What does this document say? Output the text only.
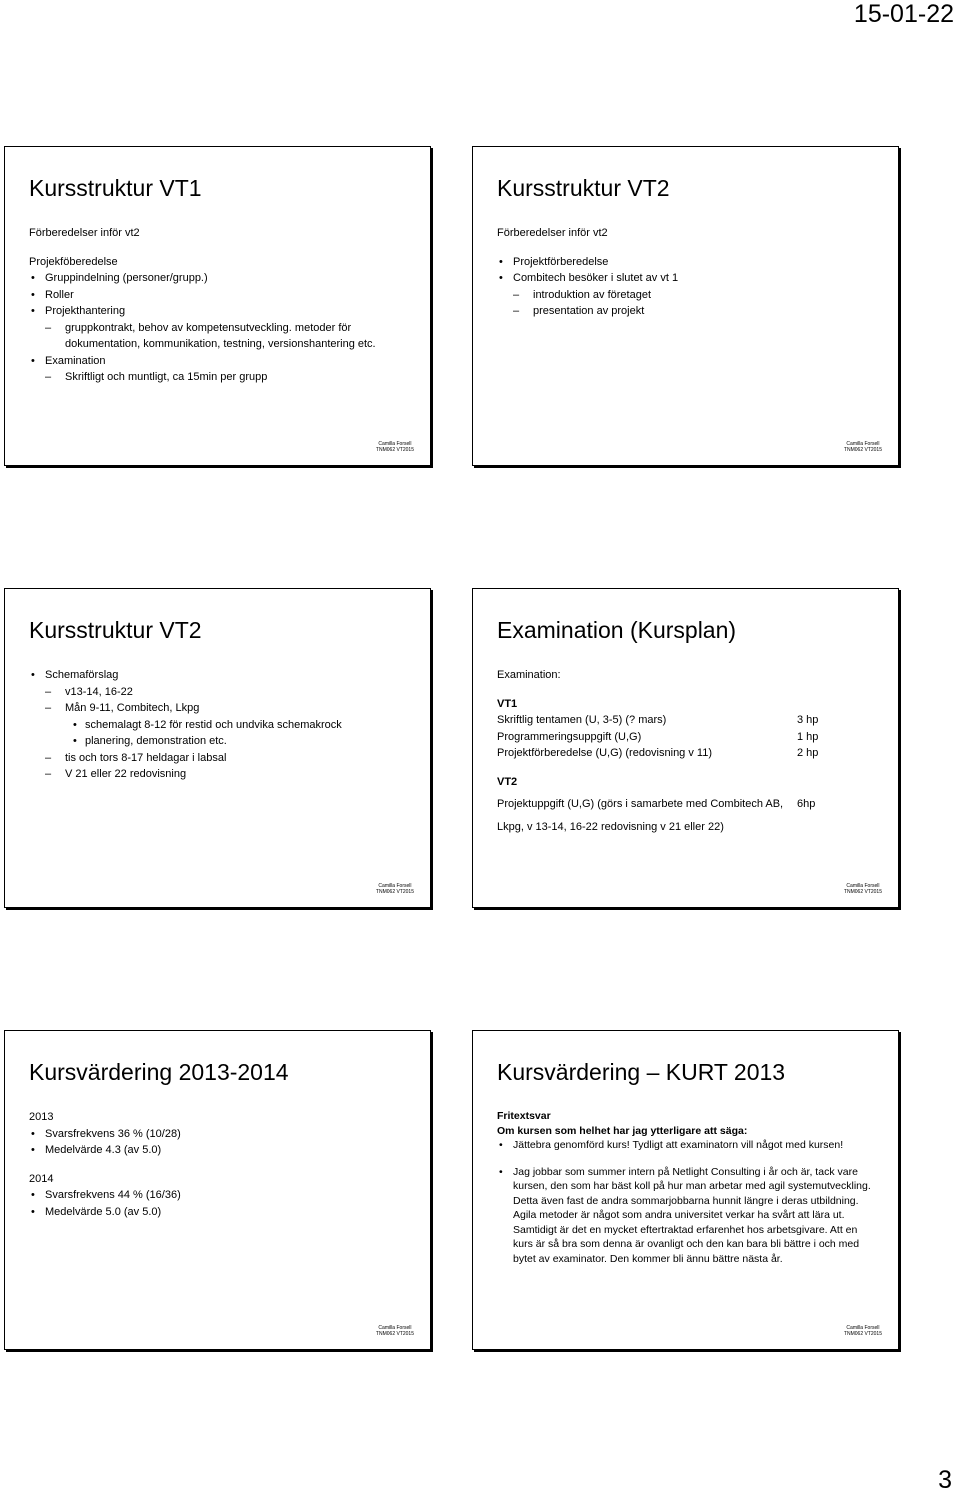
15-01-22
Kursstruktur VT1
Förberedelser inför vt2
Projekföberedelse
• Gruppindelning (personer/grupp.)
• Roller
• Projekthantering
– gruppkontrakt, behov av kompetensutveckling. metoder för
dokumentation, kommunikation, testning, versionshantering etc.
• Examination
– Skriftligt och muntligt, ca 15min per grupp
Camilla Forsell
TNM062 VT2015
Kursstruktur VT2
Förberedelser inför vt2
• Projektförberedelse
• Combitech besöker i slutet av vt 1
– introduktion av företaget
– presentation av projekt
Camilla Forsell
TNM062 VT2015
Kursstruktur VT2
• Schemaförslag
– v13-14, 16-22
– Mån 9-11, Combitech, Lkpg
• schemalagt 8-12 för restid och undvika schemakrock
• planering, demonstration etc.
– tis och tors 8-17 heldagar i labsal
– V 21 eller 22 redovisning
Camilla Forsell
TNM062 VT2015
Examination (Kursplan)
Examination:
VT1
Skriftlig tentamen (U, 3-5) (? mars)	3 hp
Programmeringsuppgift (U,G)	1 hp
Projektförberedelse (U,G) (redovisning v 11)	2 hp
VT2
Projektuppgift (U,G) (görs i samarbete med Combitech AB,	6hp
Lkpg, v 13-14, 16-22 redovisning v 21 eller 22)
Camilla Forsell
TNM062 VT2015
Kursvärdering 2013-2014
2013
• Svarsfrekvens 36 % (10/28)
• Medelvärde 4.3 (av 5.0)
2014
• Svarsfrekvens 44 % (16/36)
• Medelvärde 5.0 (av 5.0)
Camilla Forsell
TNM062 VT2015
Kursvärdering – KURT 2013
Fritextsvar
Om kursen som helhet har jag ytterligare att säga:
• Jättebra genomförd kurs! Tydligt att examinatorn vill något med kursen!
• Jag jobbar som summer intern på Netlight Consulting i år och är, tack vare kursen, den som har bäst koll på hur man arbetar med agil systemutveckling. Detta även fast de andra sommarjobbarna hunnit längre i deras utbildning. Agila metoder är något som andra universitet verkar ha svårt att lära ut. Samtidigt är det en mycket eftertraktad erfarenhet hos arbetsgivare. Att en kurs är så bra som denna är ovanligt och den kan bara bli bättre i och med bytet av examinator. Den kommer bli ännu bättre nästa år.
Camilla Forsell
TNM062 VT2015
3
